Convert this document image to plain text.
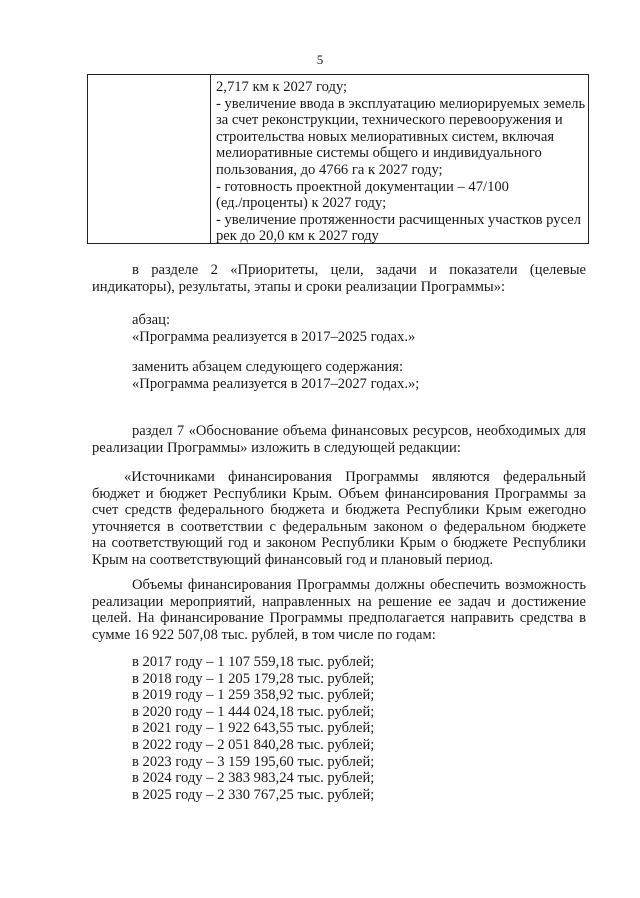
5
2,717 км к 2027 году;
- увеличение ввода в эксплуатацию мелиорируемых земель
за счет реконструкции, технического перевооружения и
строительства новых мелиоративных систем, включая
мелиоративные системы общего и индивидуального
пользования, до 4766 га к 2027 году;
- готовность проектной документации – 47/100
(ед./проценты) к 2027 году;
- увеличение протяженности расчищенных участков русел
рек до 20,0 км к 2027 году
в разделе 2 «Приоритеты, цели, задачи и показатели (целевые
индикаторы), результаты, этапы и сроки реализации Программы»:
абзац:
«Программа реализуется в 2017–2025 годах.»
заменить абзацем следующего содержания:
«Программа реализуется в 2017–2027 годах.»;
раздел 7 «Обоснование объема финансовых ресурсов, необходимых для
реализации Программы» изложить в следующей редакции:
«Источниками финансирования Программы являются федеральный
бюджет и бюджет Республики Крым. Объем финансирования Программы за
счет средств федерального бюджета и бюджета Республики Крым ежегодно
уточняется в соответствии с федеральным законом о федеральном бюджете
на соответствующий год и законом Республики Крым о бюджете Республики
Крым на соответствующий финансовый год и плановый период.
Объемы финансирования Программы должны обеспечить возможность
реализации мероприятий, направленных на решение ее задач и достижение
целей. На финансирование Программы предполагается направить средства в
сумме 16 922 507,08 тыс. рублей, в том числе по годам:
в 2017 году – 1 107 559,18 тыс. рублей;
в 2018 году – 1 205 179,28 тыс. рублей;
в 2019 году – 1 259 358,92 тыс. рублей;
в 2020 году – 1 444 024,18 тыс. рублей;
в 2021 году – 1 922 643,55 тыс. рублей;
в 2022 году – 2 051 840,28 тыс. рублей;
в 2023 году – 3 159 195,60 тыс. рублей;
в 2024 году – 2 383 983,24 тыс. рублей;
в 2025 году – 2 330 767,25 тыс. рублей;
